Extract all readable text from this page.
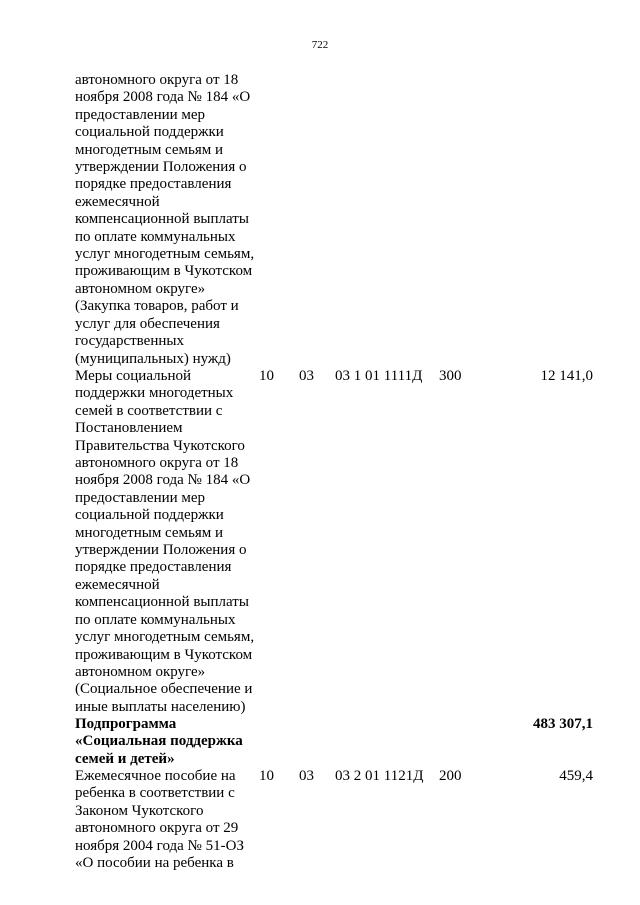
722
автономного округа от 18
ноября 2008 года № 184 «О
предоставлении мер
социальной поддержки
многодетным семьям и
утверждении Положения о
порядке предоставления
ежемесячной
компенсационной выплаты
по оплате коммунальных
услуг многодетным семьям,
проживающим в Чукотском
автономном округе»
(Закупка товаров, работ и
услуг для обеспечения
государственных
(муниципальных) нужд)
Меры социальной
поддержки многодетных
семей в соответствии с
Постановлением
Правительства Чукотского
автономного округа от 18
ноября 2008 года № 184 «О
предоставлении мер
социальной поддержки
многодетным семьям и
утверждении Положения о
порядке предоставления
ежемесячной
компенсационной выплаты
по оплате коммунальных
услуг многодетным семьям,
проживающим в Чукотском
автономном округе»
(Социальное обеспечение и
иные выплаты населению)
10 03 03 1 01 1111Д 300	12 141,0
Подпрограмма
«Социальная поддержка
семей и детей»
483 307,1
Ежемесячное пособие на
ребенка в соответствии с
Законом Чукотского
автономного округа от 29
ноября 2004 года № 51-ОЗ
«О пособии на ребенка в
10 03 03 2 01 1121Д 200	459,4
